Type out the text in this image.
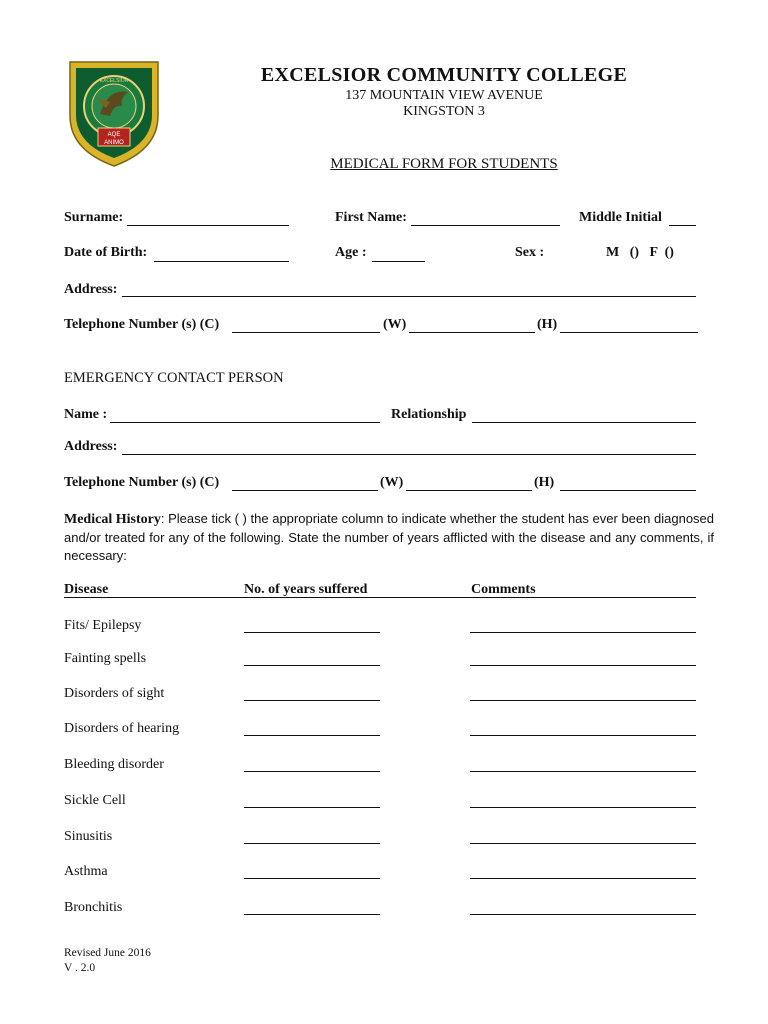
AQE
ANIMO
EXCELSIOR	EXCELSIOR COMMUNITY COLLEGE
137 MOUNTAIN VIEW AVENUE
KINGSTON 3
MEDICAL FORM FOR STUDENTS
Surname:	First Name:	Middle Initial
Date of Birth:	Age :	Sex :	M   ()   F  ()
Address:
Telephone Number (s) (C)	(W)	(H)
EMERGENCY CONTACT PERSON
Name :	Relationship
Address:
Telephone Number (s) (C)	(W)	(H)
Medical History: Please tick ( ) the appropriate column to indicate whether the student has ever been diagnosed and/or treated for any of the following. State the number of years afflicted with the disease and any comments, if necessary:
Disease	No. of years suffered	Comments
Fits/ Epilepsy
Fainting spells
Disorders of sight
Disorders of hearing
Bleeding disorder
Sickle Cell
Sinusitis
Asthma
Bronchitis
Revised June 2016
V . 2.0
